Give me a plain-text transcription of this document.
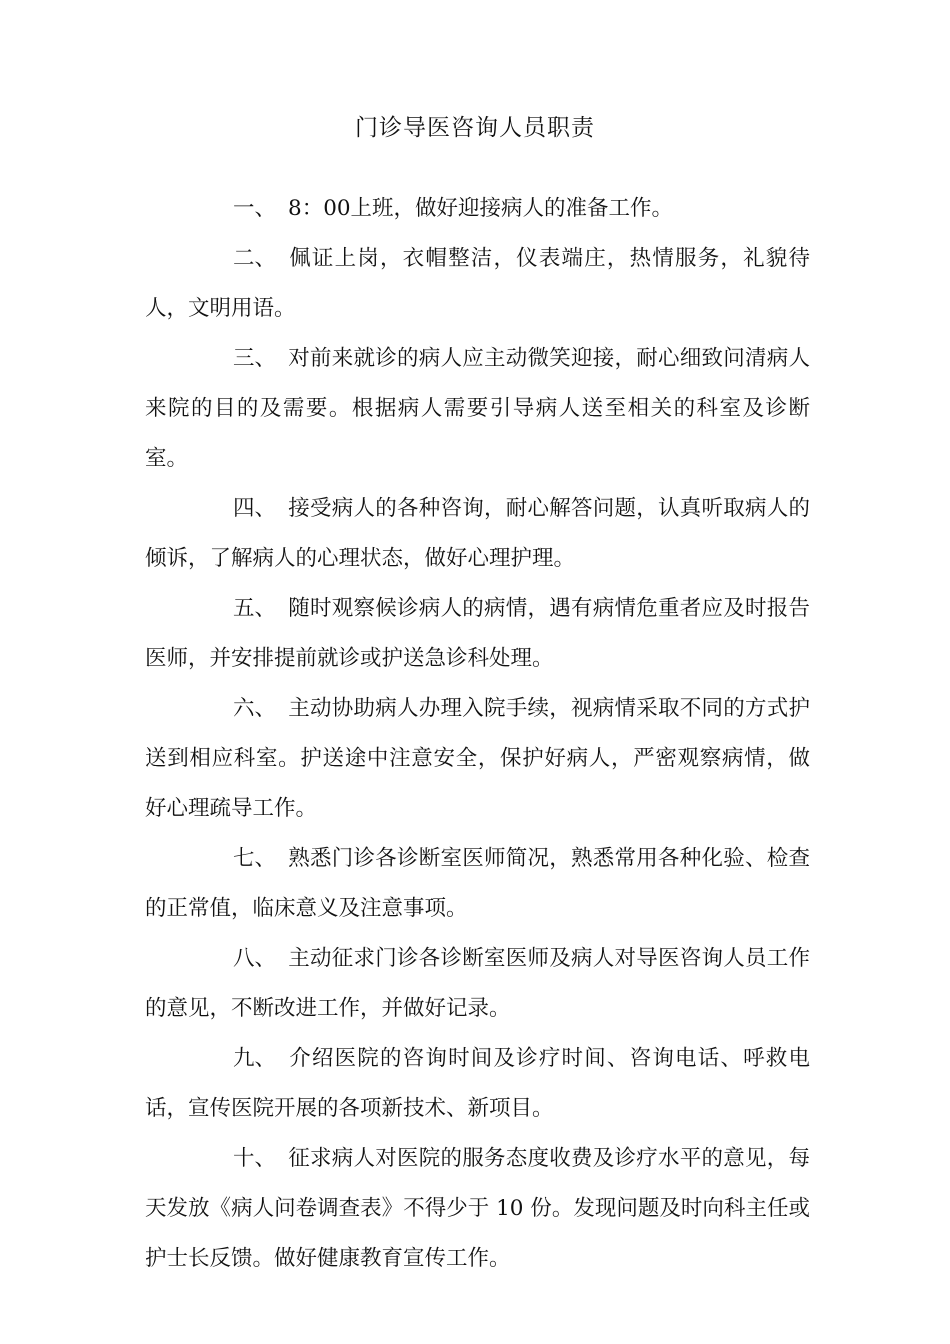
门诊导医咨询人员职责

一、 8：00上班，做好迎接病人的准备工作。

二、 佩证上岗，衣帽整洁，仪表端庄，热情服务，礼貌待人，文明用语。

三、 对前来就诊的病人应主动微笑迎接，耐心细致问清病人来院的目的及需要。根据病人需要引导病人送至相关的科室及诊断室。

四、 接受病人的各种咨询，耐心解答问题，认真听取病人的倾诉，了解病人的心理状态，做好心理护理。

五、 随时观察候诊病人的病情，遇有病情危重者应及时报告医师，并安排提前就诊或护送急诊科处理。

六、 主动协助病人办理入院手续，视病情采取不同的方式护送到相应科室。护送途中注意安全，保护好病人，严密观察病情，做好心理疏导工作。

七、 熟悉门诊各诊断室医师简况，熟悉常用各种化验、检查的正常值，临床意义及注意事项。

八、 主动征求门诊各诊断室医师及病人对导医咨询人员工作的意见，不断改进工作，并做好记录。

九、 介绍医院的咨询时间及诊疗时间、咨询电话、呼救电话，宣传医院开展的各项新技术、新项目。

十、 征求病人对医院的服务态度收费及诊疗水平的意见，每天发放《病人问卷调查表》不得少于 10 份。发现问题及时向科主任或护士长反馈。做好健康教育宣传工作。
